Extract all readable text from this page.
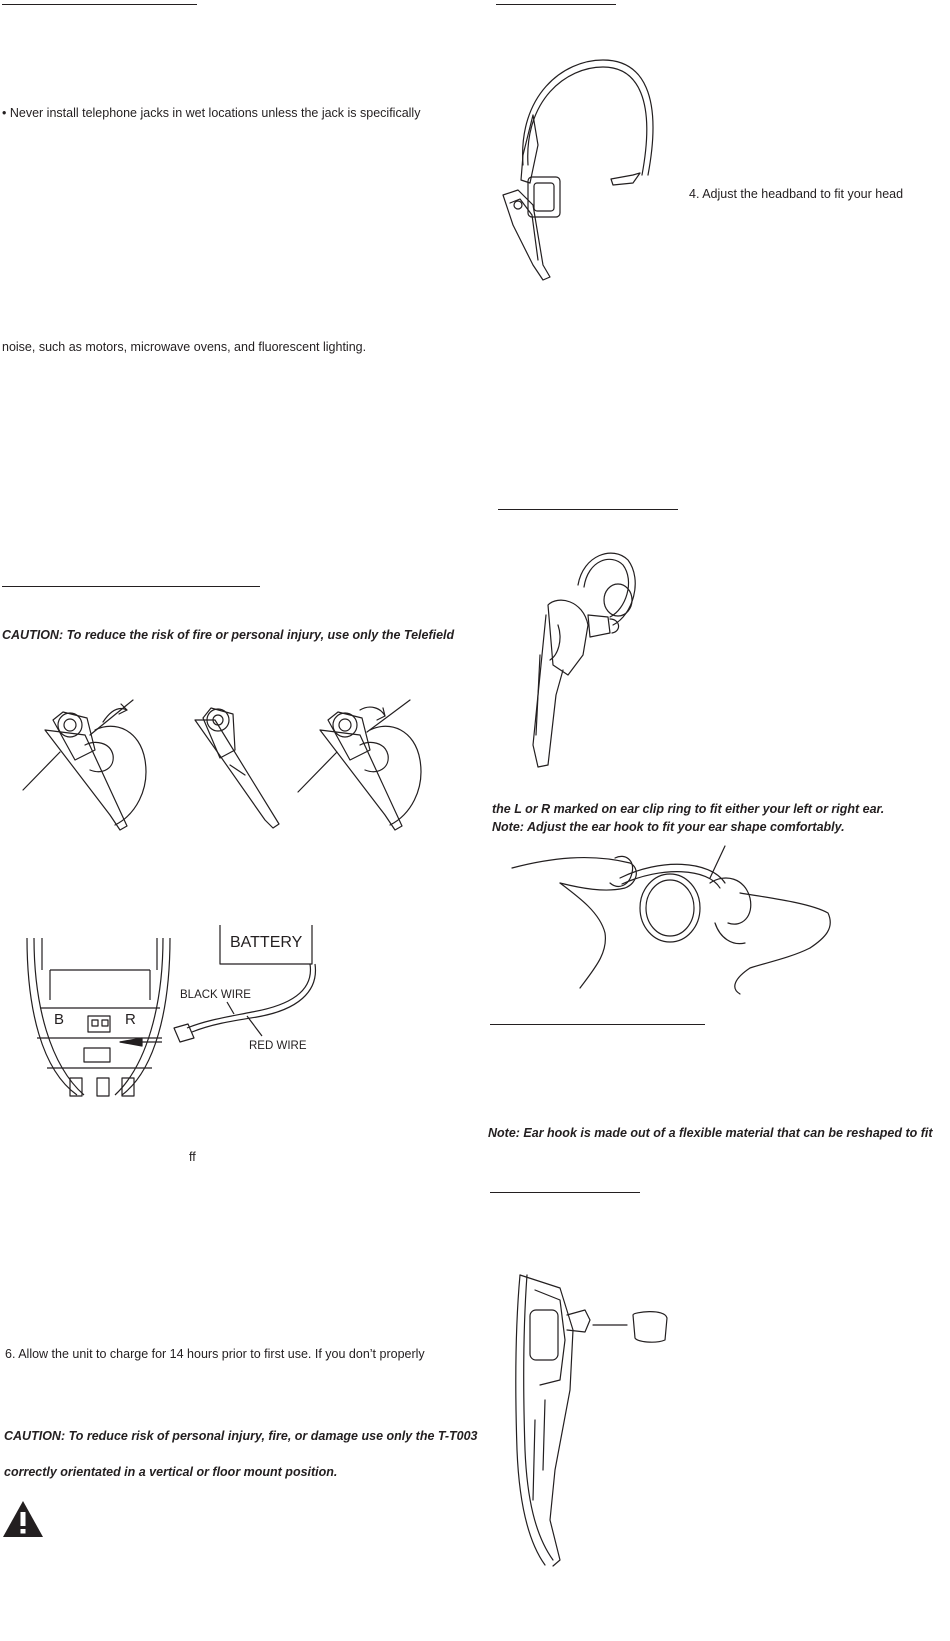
• Never install telephone jacks in wet locations unless the jack is specifically
noise, such as motors, microwave ovens, and fluorescent lighting.
CAUTION: To reduce the risk of fire or personal injury, use only the Telefield
BATTERY
BLACK WIRE
RED WIRE
B	R
ff
6. Allow the unit to charge for 14 hours prior to first use. If you don’t properly
CAUTION: To reduce risk of personal injury, fire, or damage use only the T-T003
correctly orientated in a vertical or floor mount position.
4. Adjust the headband to fit your head
the L or R marked on ear clip ring to fit either your left or right ear.
Note: Adjust the ear hook to fit your ear shape comfortably.
Note: Ear hook is made out of a flexible material that can be reshaped to fit
